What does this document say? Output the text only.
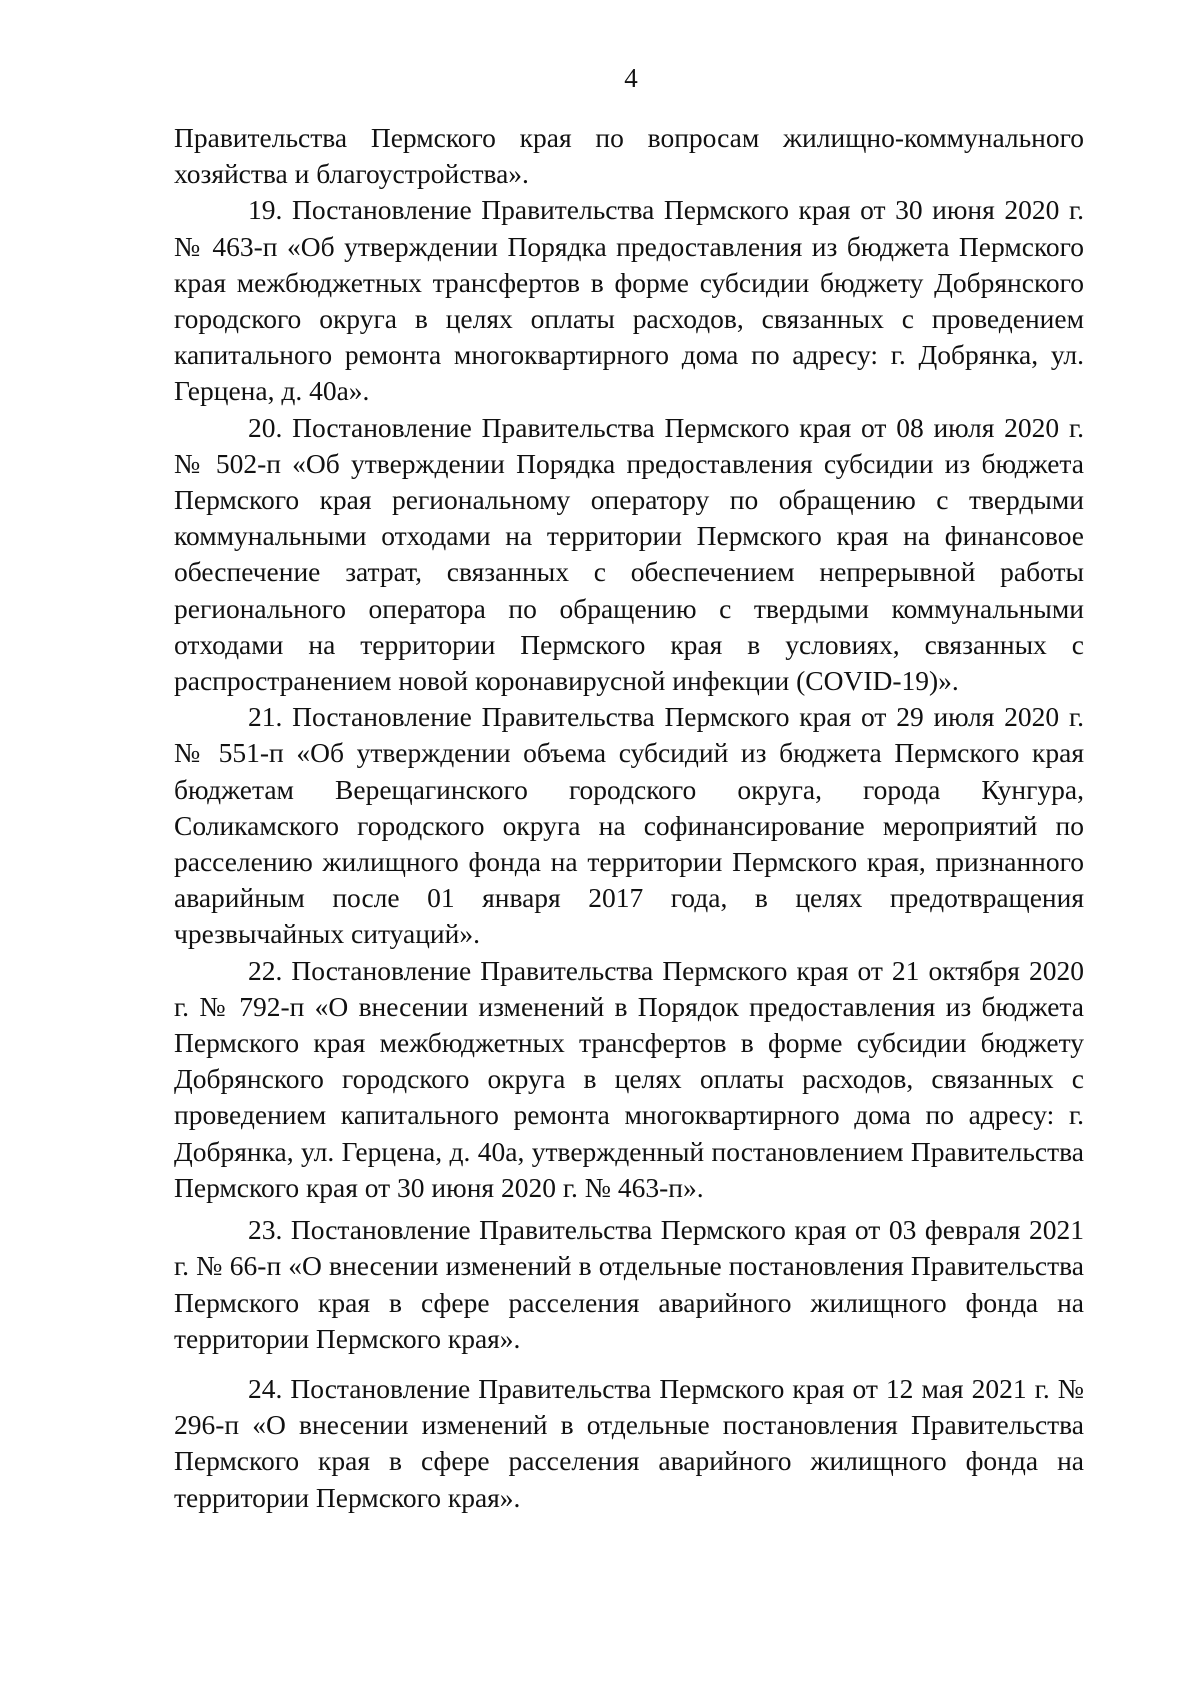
4

Правительства Пермского края по вопросам жилищно-коммунального хозяйства и благоустройства».

19. Постановление Правительства Пермского края от 30 июня 2020 г. № 463-п «Об утверждении Порядка предоставления из бюджета Пермского края межбюджетных трансфертов в форме субсидии бюджету Добрянского городского округа в целях оплаты расходов, связанных с проведением капитального ремонта многоквартирного дома по адресу: г. Добрянка, ул. Герцена, д. 40а».

20. Постановление Правительства Пермского края от 08 июля 2020 г. № 502-п «Об утверждении Порядка предоставления субсидии из бюджета Пермского края региональному оператору по обращению с твердыми коммунальными отходами на территории Пермского края на финансовое обеспечение затрат, связанных с обеспечением непрерывной работы регионального оператора по обращению с твердыми коммунальными отходами на территории Пермского края в условиях, связанных с распространением новой коронавирусной инфекции (COVID-19)».

21. Постановление Правительства Пермского края от 29 июля 2020 г. № 551-п «Об утверждении объема субсидий из бюджета Пермского края бюджетам Верещагинского городского округа, города Кунгура, Соликамского городского округа на софинансирование мероприятий по расселению жилищного фонда на территории Пермского края, признанного аварийным после 01 января 2017 года, в целях предотвращения чрезвычайных ситуаций».

22. Постановление Правительства Пермского края от 21 октября 2020 г. № 792-п «О внесении изменений в Порядок предоставления из бюджета Пермского края межбюджетных трансфертов в форме субсидии бюджету Добрянского городского округа в целях оплаты расходов, связанных с проведением капитального ремонта многоквартирного дома по адресу: г. Добрянка, ул. Герцена, д. 40а, утвержденный постановлением Правительства Пермского края от 30 июня 2020 г. № 463-п».

23. Постановление Правительства Пермского края от 03 февраля 2021 г. № 66-п «О внесении изменений в отдельные постановления Правительства Пермского края в сфере расселения аварийного жилищного фонда на территории Пермского края».

24. Постановление Правительства Пермского края от 12 мая 2021 г. № 296-п «О внесении изменений в отдельные постановления Правительства Пермского края в сфере расселения аварийного жилищного фонда на территории Пермского края».
